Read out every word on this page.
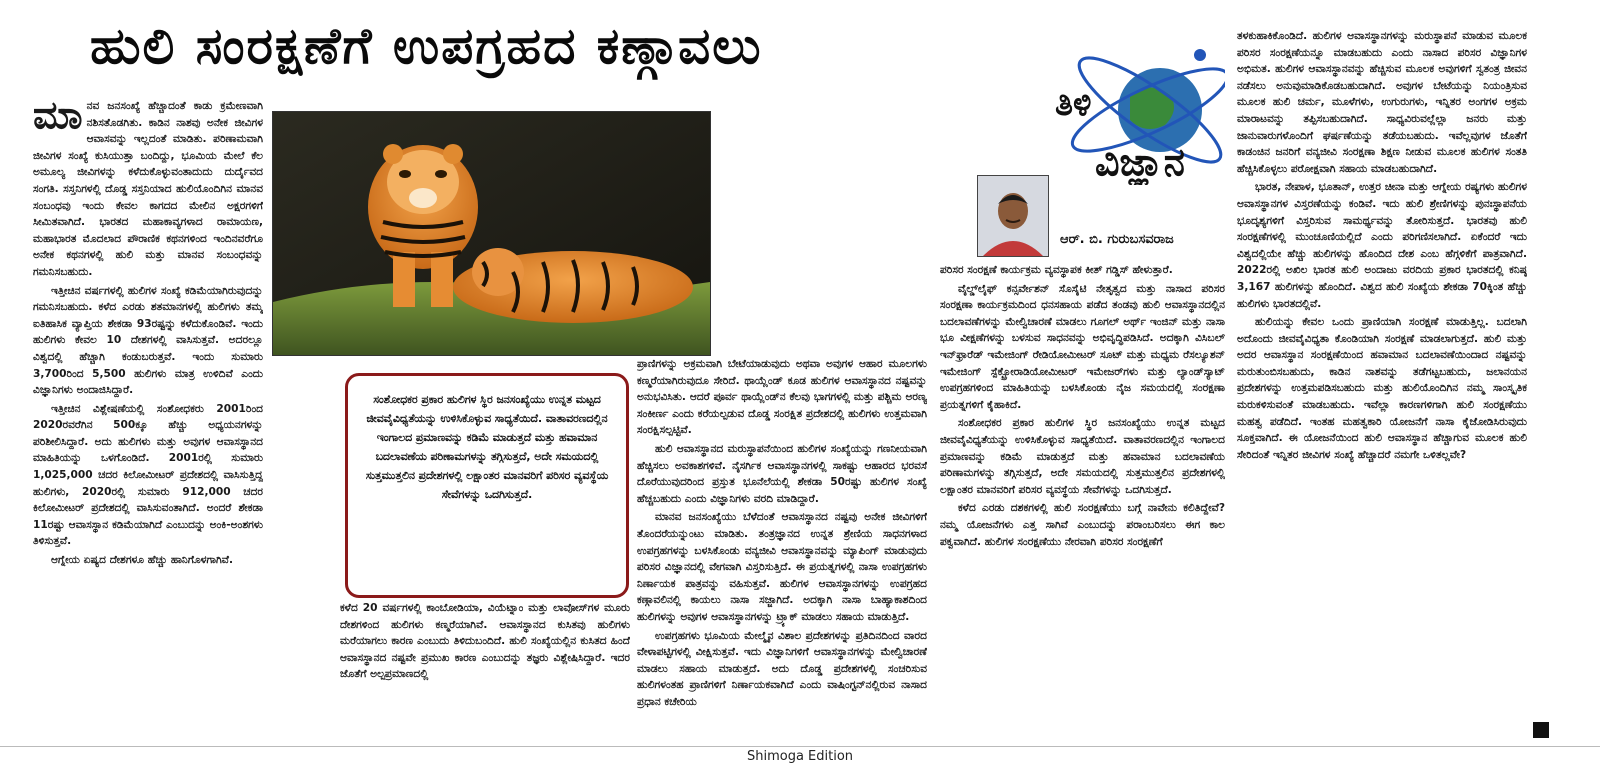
ಹುಲಿ ಸಂರಕ್ಷಣೆಗೆ ಉಪಗ್ರಹದ ಕಣ್ಗಾವಲು

ಮಾನವ ಜನಸಂಖ್ಯೆ ಹೆಚ್ಚಾದಂತೆ ಕಾಡು ಕ್ರಮೇಣವಾಗಿ ನಶಿಸತೊಡಗಿತು. ಕಾಡಿನ ನಾಶವು ಅನೇಕ ಜೀವಿಗಳ ಆವಾಸವನ್ನು ಇಲ್ಲದಂತೆ ಮಾಡಿತು. ಪರಿಣಾಮವಾಗಿ ಜೀವಿಗಳ ಸಂಖ್ಯೆ ಕುಸಿಯುತ್ತಾ ಬಂದಿದ್ದು, ಭೂಮಿಯ ಮೇಲೆ ಕೆಲ ಅಮೂಲ್ಯ ಜೀವಿಗಳನ್ನು ಕಳೆದುಕೊಳ್ಳುವಂತಾದುದು ದುರ್ದೈವದ ಸಂಗತಿ. ಸಸ್ತನಿಗಳಲ್ಲಿ ದೊಡ್ಡ ಸಸ್ತನಿಯಾದ ಹುಲಿಯೊಂದಿಗಿನ ಮಾನವ ಸಂಬಂಧವು ಇಂದು ಕೇವಲ ಕಾಗದದ ಮೇಲಿನ ಅಕ್ಷರಗಳಿಗೆ ಸೀಮಿತವಾಗಿದೆ. ಭಾರತದ ಮಹಾಕಾವ್ಯಗಳಾದ ರಾಮಾಯಣ, ಮಹಾಭಾರತ ಮೊದಲಾದ ಪೌರಾಣಿಕ ಕಥನಗಳಿಂದ ಇಂದಿನವರೆಗೂ ಅನೇಕ ಕಥನಗಳಲ್ಲಿ ಹುಲಿ ಮತ್ತು ಮಾನವ ಸಂಬಂಧವನ್ನು ಗಮನಿಸಬಹುದು.

ಇತ್ತೀಚಿನ ವರ್ಷಗಳಲ್ಲಿ ಹುಲಿಗಳ ಸಂಖ್ಯೆ ಕಡಿಮೆಯಾಗಿರುವುದನ್ನು ಗಮನಿಸಬಹುದು. ಕಳೆದ ಎರಡು ಶತಮಾನಗಳಲ್ಲಿ ಹುಲಿಗಳು ತಮ್ಮ ಐತಿಹಾಸಿಕ ವ್ಯಾಪ್ತಿಯ ಶೇಕಡಾ 93ರಷ್ಟನ್ನು ಕಳೆದುಕೊಂಡಿವೆ. ಇಂದು ಹುಲಿಗಳು ಕೇವಲ 10 ದೇಶಗಳಲ್ಲಿ ವಾಸಿಸುತ್ತವೆ. ಅದರಲ್ಲೂ ವಿಶ್ವದಲ್ಲಿ ಹೆಚ್ಚಾಗಿ ಕಂಡುಬರುತ್ತವೆ. ಇಂದು ಸುಮಾರು 3,700ರಿಂದ 5,500 ಹುಲಿಗಳು ಮಾತ್ರ ಉಳಿದಿವೆ ಎಂದು ವಿಜ್ಞಾನಿಗಳು ಅಂದಾಜಿಸಿದ್ದಾರೆ.

ಇತ್ತೀಚಿನ ವಿಶ್ಲೇಷಣೆಯಲ್ಲಿ ಸಂಶೋಧಕರು 2001ರಿಂದ 2020ರವರೆಗಿನ 500ಕ್ಕೂ ಹೆಚ್ಚು ಅಧ್ಯಯನಗಳನ್ನು ಪರಿಶೀಲಿಸಿದ್ದಾರೆ. ಅದು ಹುಲಿಗಳು ಮತ್ತು ಅವುಗಳ ಆವಾಸಸ್ಥಾನದ ಮಾಹಿತಿಯನ್ನು ಒಳಗೊಂಡಿದೆ. 2001ರಲ್ಲಿ ಸುಮಾರು 1,025,000 ಚದರ ಕಿಲೋಮೀಟರ್ ಪ್ರದೇಶದಲ್ಲಿ ವಾಸಿಸುತ್ತಿದ್ದ ಹುಲಿಗಳು, 2020ರಲ್ಲಿ ಸುಮಾರು 912,000 ಚದರ ಕಿಲೋಮೀಟರ್ ಪ್ರದೇಶದಲ್ಲಿ ವಾಸಿಸುವಂತಾಗಿದೆ. ಅಂದರೆ ಶೇಕಡಾ 11ರಷ್ಟು ಆವಾಸಸ್ಥಾನ ಕಡಿಮೆಯಾಗಿದೆ ಎಂಬುದನ್ನು ಅಂಕಿ-ಅಂಶಗಳು ತಿಳಿಸುತ್ತವೆ.

ಆಗ್ನೇಯ ಏಷ್ಯದ ದೇಶಗಳೂ ಹೆಚ್ಚು ಹಾನಿಗೊಳಗಾಗಿವೆ.

ಕಳೆದ 20 ವರ್ಷಗಳಲ್ಲಿ ಕಾಂಬೋಡಿಯಾ, ವಿಯೆಟ್ನಾಂ ಮತ್ತು ಲಾವೋಸ್‌ಗಳ ಮೂರು ದೇಶಗಳಿಂದ ಹುಲಿಗಳು ಕಣ್ಮರೆಯಾಗಿವೆ. ಆವಾಸಸ್ಥಾನದ ಕುಸಿತವು ಹುಲಿಗಳು ಮರೆಯಾಗಲು ಕಾರಣ ಎಂಬುದು ತಿಳಿದುಬಂದಿದೆ. ಹುಲಿ ಸಂಖ್ಯೆಯಲ್ಲಿನ ಕುಸಿತದ ಹಿಂದೆ ಆವಾಸಸ್ಥಾನದ ನಷ್ಟವೇ ಪ್ರಮುಖ ಕಾರಣ ಎಂಬುದನ್ನು ತಜ್ಞರು ವಿಶ್ಲೇಷಿಸಿದ್ದಾರೆ. ಇದರ ಜೊತೆಗೆ ಅಲ್ಪಪ್ರಮಾಣದಲ್ಲಿ

ಸಂಶೋಧಕರ ಪ್ರಕಾರ ಹುಲಿಗಳ ಸ್ಥಿರ ಜನಸಂಖ್ಯೆಯು ಉನ್ನತ ಮಟ್ಟದ ಜೀವವೈವಿಧ್ಯತೆಯನ್ನು ಉಳಿಸಿಕೊಳ್ಳುವ ಸಾಧ್ಯತೆಯಿದೆ. ವಾತಾವರಣದಲ್ಲಿನ ಇಂಗಾಲದ ಪ್ರಮಾಣವನ್ನು ಕಡಿಮೆ ಮಾಡುತ್ತದೆ ಮತ್ತು ಹವಾಮಾನ ಬದಲಾವಣೆಯ ಪರಿಣಾಮಗಳನ್ನು ತಗ್ಗಿಸುತ್ತದೆ, ಅದೇ ಸಮಯದಲ್ಲಿ ಸುತ್ತಮುತ್ತಲಿನ ಪ್ರದೇಶಗಳಲ್ಲಿ ಲಕ್ಷಾಂತರ ಮಾನವರಿಗೆ ಪರಿಸರ ವ್ಯವಸ್ಥೆಯ ಸೇವೆಗಳನ್ನು ಒದಗಿಸುತ್ತದೆ.

ಪ್ರಾಣಿಗಳನ್ನು ಅಕ್ರಮವಾಗಿ ಬೇಟೆಯಾಡುವುದು ಅಥವಾ ಅವುಗಳ ಆಹಾರ ಮೂಲಗಳು ಕಣ್ಮರೆಯಾಗಿರುವುದೂ ಸೇರಿದೆ. ಥಾಯ್ಲೆಂಡ್ ಕೂಡ ಹುಲಿಗಳ ಆವಾಸಸ್ಥಾನದ ನಷ್ಟವನ್ನು ಅನುಭವಿಸಿತು. ಆದರೆ ಪೂರ್ವ ಥಾಯ್ಲೆಂಡ್‌ನ ಕೆಲವು ಭಾಗಗಳಲ್ಲಿ ಮತ್ತು ಪಶ್ಚಿಮ ಅರಣ್ಯ ಸಂಕೀರ್ಣ ಎಂದು ಕರೆಯಲ್ಪಡುವ ದೊಡ್ಡ ಸಂರಕ್ಷಿತ ಪ್ರದೇಶದಲ್ಲಿ ಹುಲಿಗಳು ಉತ್ತಮವಾಗಿ ಸಂರಕ್ಷಿಸಲ್ಪಟ್ಟಿವೆ.

ಹುಲಿ ಆವಾಸಸ್ಥಾನದ ಮರುಸ್ಥಾಪನೆಯಿಂದ ಹುಲಿಗಳ ಸಂಖ್ಯೆಯನ್ನು ಗಣನೀಯವಾಗಿ ಹೆಚ್ಚಿಸಲು ಅವಕಾಶಗಳಿವೆ. ನೈಸರ್ಗಿಕ ಆವಾಸಸ್ಥಾನಗಳಲ್ಲಿ ಸಾಕಷ್ಟು ಆಹಾರದ ಭರವಸೆ ದೊರೆಯುವುದರಿಂದ ಪ್ರಸ್ತುತ ಭೂನೆಲೆಯಲ್ಲಿ ಶೇಕಡಾ 50ರಷ್ಟು ಹುಲಿಗಳ ಸಂಖ್ಯೆ ಹೆಚ್ಚಬಹುದು ಎಂದು ವಿಜ್ಞಾನಿಗಳು ವರದಿ ಮಾಡಿದ್ದಾರೆ.

ಮಾನವ ಜನಸಂಖ್ಯೆಯು ಬೆಳೆದಂತೆ ಆವಾಸಸ್ಥಾನದ ನಷ್ಟವು ಅನೇಕ ಜೀವಿಗಳಿಗೆ ತೊಂದರೆಯನ್ನುಂಟು ಮಾಡಿತು. ತಂತ್ರಜ್ಞಾನದ ಉನ್ನತ ಶ್ರೇಣಿಯ ಸಾಧನಗಳಾದ ಉಪಗ್ರಹಗಳನ್ನು ಬಳಸಿಕೊಂಡು ವನ್ಯಜೀವಿ ಆವಾಸಸ್ಥಾನವನ್ನು ಮ್ಯಾಪಿಂಗ್ ಮಾಡುವುದು ಪರಿಸರ ವಿಜ್ಞಾನದಲ್ಲಿ ವೇಗವಾಗಿ ವಿಸ್ತರಿಸುತ್ತಿದೆ. ಈ ಪ್ರಯತ್ನಗಳಲ್ಲಿ ನಾಸಾ ಉಪಗ್ರಹಗಳು ನಿರ್ಣಾಯಕ ಪಾತ್ರವನ್ನು ವಹಿಸುತ್ತವೆ. ಹುಲಿಗಳ ಆವಾಸಸ್ಥಾನಗಳನ್ನು ಉಪಗ್ರಹದ ಕಣ್ಗಾವಲಿನಲ್ಲಿ ಕಾಯಲು ನಾಸಾ ಸಜ್ಜಾಗಿದೆ. ಅದಕ್ಕಾಗಿ ನಾಸಾ ಬಾಹ್ಯಾಕಾಶದಿಂದ ಹುಲಿಗಳನ್ನು ಅವುಗಳ ಆವಾಸಸ್ಥಾನಗಳನ್ನು ಟ್ರ್ಯಾಕ್ ಮಾಡಲು ಸಹಾಯ ಮಾಡುತ್ತಿದೆ.

ಉಪಗ್ರಹಗಳು ಭೂಮಿಯ ಮೇಲ್ಮೈನ ವಿಶಾಲ ಪ್ರದೇಶಗಳನ್ನು ಪ್ರತಿದಿನದಿಂದ ವಾರದ ವೇಳಾಪಟ್ಟಿಗಳಲ್ಲಿ ವೀಕ್ಷಿಸುತ್ತವೆ. ಇದು ವಿಜ್ಞಾನಿಗಳಿಗೆ ಆವಾಸಸ್ಥಾನಗಳನ್ನು ಮೇಲ್ವಿಚಾರಣೆ ಮಾಡಲು ಸಹಾಯ ಮಾಡುತ್ತದೆ. ಅದು ದೊಡ್ಡ ಪ್ರದೇಶಗಳಲ್ಲಿ ಸಂಚರಿಸುವ ಹುಲಿಗಳಂತಹ ಪ್ರಾಣಿಗಳಿಗೆ ನಿರ್ಣಾಯಕವಾಗಿದೆ ಎಂದು ವಾಷಿಂಗ್ಟನ್‌ನಲ್ಲಿರುವ ನಾಸಾದ ಪ್ರಧಾನ ಕಚೇರಿಯ

ತಿಳಿ
ವಿಜ್ಞಾನ
ಆರ್. ಬಿ. ಗುರುಬಸವರಾಜ

ಪರಿಸರ ಸಂರಕ್ಷಣೆ ಕಾರ್ಯಕ್ರಮ ವ್ಯವಸ್ಥಾಪಕ ಕೀತ್ ಗಡ್ಡಿಸ್ ಹೇಳುತ್ತಾರೆ.

ವೈಲ್ಡ್‌ಲೈಫ್ ಕನ್ಸರ್ವೇಶನ್ ಸೊಸೈಟಿ ನೇತೃತ್ವದ ಮತ್ತು ನಾಸಾದ ಪರಿಸರ ಸಂರಕ್ಷಣಾ ಕಾರ್ಯಕ್ರಮದಿಂದ ಧನಸಹಾಯ ಪಡೆದ ತಂಡವು ಹುಲಿ ಆವಾಸಸ್ಥಾನದಲ್ಲಿನ ಬದಲಾವಣೆಗಳನ್ನು ಮೇಲ್ವಿಚಾರಣೆ ಮಾಡಲು ಗೂಗಲ್ ಅರ್ಥ್ ಇಂಜಿನ್ ಮತ್ತು ನಾಸಾ ಭೂ ವೀಕ್ಷಣೆಗಳನ್ನು ಬಳಸುವ ಸಾಧನವನ್ನು ಅಭಿವೃದ್ಧಿಪಡಿಸಿದೆ. ಅದಕ್ಕಾಗಿ ವಿಸಿಬಲ್ ಇನ್‌ಫ್ರಾರೆಡ್ ಇಮೇಜಿಂಗ್ ರೇಡಿಯೋಮೀಟರ್ ಸೂಟ್ ಮತ್ತು ಮಧ್ಯಮ ರೆಸಲ್ಯೂಶನ್ ಇಮೇಜಿಂಗ್ ಸ್ಪೆಕ್ಟ್ರೋರಾಡಿಯೋಮೀಟರ್ ಇಮೇಜರ್‌ಗಳು ಮತ್ತು ಲ್ಯಾಂಡ್‌ಸ್ಯಾಟ್ ಉಪಗ್ರಹಗಳಿಂದ ಮಾಹಿತಿಯನ್ನು ಬಳಸಿಕೊಂಡು ನೈಜ ಸಮಯದಲ್ಲಿ ಸಂರಕ್ಷಣಾ ಪ್ರಯತ್ನಗಳಿಗೆ ಕೈಹಾಕಿದೆ.

ಸಂಶೋಧಕರ ಪ್ರಕಾರ ಹುಲಿಗಳ ಸ್ಥಿರ ಜನಸಂಖ್ಯೆಯು ಉನ್ನತ ಮಟ್ಟದ ಜೀವವೈವಿಧ್ಯತೆಯನ್ನು ಉಳಿಸಿಕೊಳ್ಳುವ ಸಾಧ್ಯತೆಯಿದೆ. ವಾತಾವರಣದಲ್ಲಿನ ಇಂಗಾಲದ ಪ್ರಮಾಣವನ್ನು ಕಡಿಮೆ ಮಾಡುತ್ತದೆ ಮತ್ತು ಹವಾಮಾನ ಬದಲಾವಣೆಯ ಪರಿಣಾಮಗಳನ್ನು ತಗ್ಗಿಸುತ್ತದೆ, ಅದೇ ಸಮಯದಲ್ಲಿ ಸುತ್ತಮುತ್ತಲಿನ ಪ್ರದೇಶಗಳಲ್ಲಿ ಲಕ್ಷಾಂತರ ಮಾನವರಿಗೆ ಪರಿಸರ ವ್ಯವಸ್ಥೆಯ ಸೇವೆಗಳನ್ನು ಒದಗಿಸುತ್ತದೆ.

ಕಳೆದ ಎರಡು ದಶಕಗಳಲ್ಲಿ ಹುಲಿ ಸಂರಕ್ಷಣೆಯು ಬಗ್ಗೆ ನಾವೇನು ಕಲಿತಿದ್ದೇವೆ? ನಮ್ಮ ಯೋಜನೆಗಳು ಎತ್ತ ಸಾಗಿವೆ ಎಂಬುದನ್ನು ಪರಾಂಬರಿಸಲು ಈಗ ಕಾಲ ಪಕ್ವವಾಗಿದೆ. ಹುಲಿಗಳ ಸಂರಕ್ಷಣೆಯು ನೇರವಾಗಿ ಪರಿಸರ ಸಂರಕ್ಷಣೆಗೆ

ತಳಕುಹಾಕಿಕೊಂಡಿದೆ. ಹುಲಿಗಳ ಆವಾಸಸ್ಥಾನಗಳನ್ನು ಮರುಸ್ಥಾಪನೆ ಮಾಡುವ ಮೂಲಕ ಪರಿಸರ ಸಂರಕ್ಷಣೆಯನ್ನೂ ಮಾಡಬಹುದು ಎಂದು ನಾಸಾದ ಪರಿಸರ ವಿಜ್ಞಾನಿಗಳ ಅಭಿಮತ. ಹುಲಿಗಳ ಆವಾಸಸ್ಥಾನವನ್ನು ಹೆಚ್ಚಿಸುವ ಮೂಲಕ ಅವುಗಳಿಗೆ ಸ್ವತಂತ್ರ ಜೀವನ ನಡೆಸಲು ಅನುವುಮಾಡಿಕೊಡಬಹುದಾಗಿದೆ. ಅವುಗಳ ಬೇಟೆಯನ್ನು ನಿಯಂತ್ರಿಸುವ ಮೂಲಕ ಹುಲಿ ಚರ್ಮ, ಮೂಳೆಗಳು, ಉಗುರುಗಳು, ಇನ್ನಿತರ ಅಂಗಗಳ ಅಕ್ರಮ ಮಾರಾಟವನ್ನು ತಪ್ಪಿಸಬಹುದಾಗಿದೆ. ಸಾಧ್ಯವಿರುವಲ್ಲೆಲ್ಲಾ ಜನರು ಮತ್ತು ಜಾನುವಾರುಗಳೊಂದಿಗೆ ಘರ್ಷಣೆಯನ್ನು ತಡೆಯಬಹುದು. ಇವೆಲ್ಲವುಗಳ ಜೊತೆಗೆ ಕಾಡಂಚಿನ ಜನರಿಗೆ ವನ್ಯಜೀವಿ ಸಂರಕ್ಷಣಾ ಶಿಕ್ಷಣ ನೀಡುವ ಮೂಲಕ ಹುಲಿಗಳ ಸಂತತಿ ಹೆಚ್ಚಿಸಿಕೊಳ್ಳಲು ಪರೋಕ್ಷವಾಗಿ ಸಹಾಯ ಮಾಡಬಹುದಾಗಿದೆ.

ಭಾರತ, ನೇಪಾಳ, ಭೂತಾನ್, ಉತ್ತರ ಚೀನಾ ಮತ್ತು ಆಗ್ನೇಯ ರಷ್ಯಗಳು ಹುಲಿಗಳ ಆವಾಸಸ್ಥಾನಗಳ ವಿಸ್ತರಣೆಯನ್ನು ಕಂಡಿವೆ. ಇದು ಹುಲಿ ಶ್ರೇಣಿಗಳನ್ನು ಪುನಃಸ್ಥಾಪನೆಯ ಭೂದೃಶ್ಯಗಳಿಗೆ ವಿಸ್ತರಿಸುವ ಸಾಮರ್ಥ್ಯವನ್ನು ತೋರಿಸುತ್ತದೆ. ಭಾರತವು ಹುಲಿ ಸಂರಕ್ಷಣೆಗಳಲ್ಲಿ ಮುಂಚೂಣಿಯಲ್ಲಿದೆ ಎಂದು ಪರಿಗಣಿಸಲಾಗಿದೆ. ಏಕೆಂದರೆ ಇದು ವಿಶ್ವದಲ್ಲಿಯೇ ಹೆಚ್ಚು ಹುಲಿಗಳನ್ನು ಹೊಂದಿದ ದೇಶ ಎಂಬ ಹೆಗ್ಗಳಿಕೆಗೆ ಪಾತ್ರವಾಗಿದೆ. 2022ರಲ್ಲಿ ಅಖಿಲ ಭಾರತ ಹುಲಿ ಅಂದಾಜು ವರದಿಯ ಪ್ರಕಾರ ಭಾರತದಲ್ಲಿ ಕನಿಷ್ಠ 3,167 ಹುಲಿಗಳನ್ನು ಹೊಂದಿದೆ. ವಿಶ್ವದ ಹುಲಿ ಸಂಖ್ಯೆಯ ಶೇಕಡಾ 70ಕ್ಕಿಂತ ಹೆಚ್ಚು ಹುಲಿಗಳು ಭಾರತದಲ್ಲಿವೆ.

ಹುಲಿಯನ್ನು ಕೇವಲ ಒಂದು ಪ್ರಾಣಿಯಾಗಿ ಸಂರಕ್ಷಣೆ ಮಾಡುತ್ತಿಲ್ಲ. ಬದಲಾಗಿ ಅದೊಂದು ಜೀವವೈವಿಧ್ಯತಾ ಕೊಂಡಿಯಾಗಿ ಸಂರಕ್ಷಣೆ ಮಾಡಲಾಗುತ್ತದೆ. ಹುಲಿ ಮತ್ತು ಅದರ ಆವಾಸಸ್ಥಾನ ಸಂರಕ್ಷಣೆಯಿಂದ ಹವಾಮಾನ ಬದಲಾವಣೆಯಿಂದಾದ ನಷ್ಟವನ್ನು ಮರುತುಂಬಿಸಬಹುದು, ಕಾಡಿನ ನಾಶವನ್ನು ತಡೆಗಟ್ಟಬಹುದು, ಜಲಾನಯನ ಪ್ರದೇಶಗಳನ್ನು ಉತ್ತಮಪಡಿಸಬಹುದು ಮತ್ತು ಹುಲಿಯೊಂದಿಗಿನ ನಮ್ಮ ಸಾಂಸ್ಕೃತಿಕ ಮರುಕಳಿಸುವಂತೆ ಮಾಡಬಹುದು. ಇವೆಲ್ಲಾ ಕಾರಣಗಳಿಗಾಗಿ ಹುಲಿ ಸಂರಕ್ಷಣೆಯು ಮಹತ್ವ ಪಡೆದಿದೆ. ಇಂತಹ ಮಹತ್ವಕಾರಿ ಯೋಜನೆಗೆ ನಾಸಾ ಕೈಜೋಡಿಸಿರುವುದು ಸೂಕ್ತವಾಗಿದೆ. ಈ ಯೋಜನೆಯಿಂದ ಹುಲಿ ಆವಾಸಸ್ಥಾನ ಹೆಚ್ಚಾಗುವ ಮೂಲಕ ಹುಲಿ ಸೇರಿದಂತೆ ಇನ್ನಿತರ ಜೀವಿಗಳ ಸಂಖ್ಯೆ ಹೆಚ್ಚಾದರೆ ನಮಗೇ ಒಳಿತಲ್ಲವೇ?

Shimoga Edition
